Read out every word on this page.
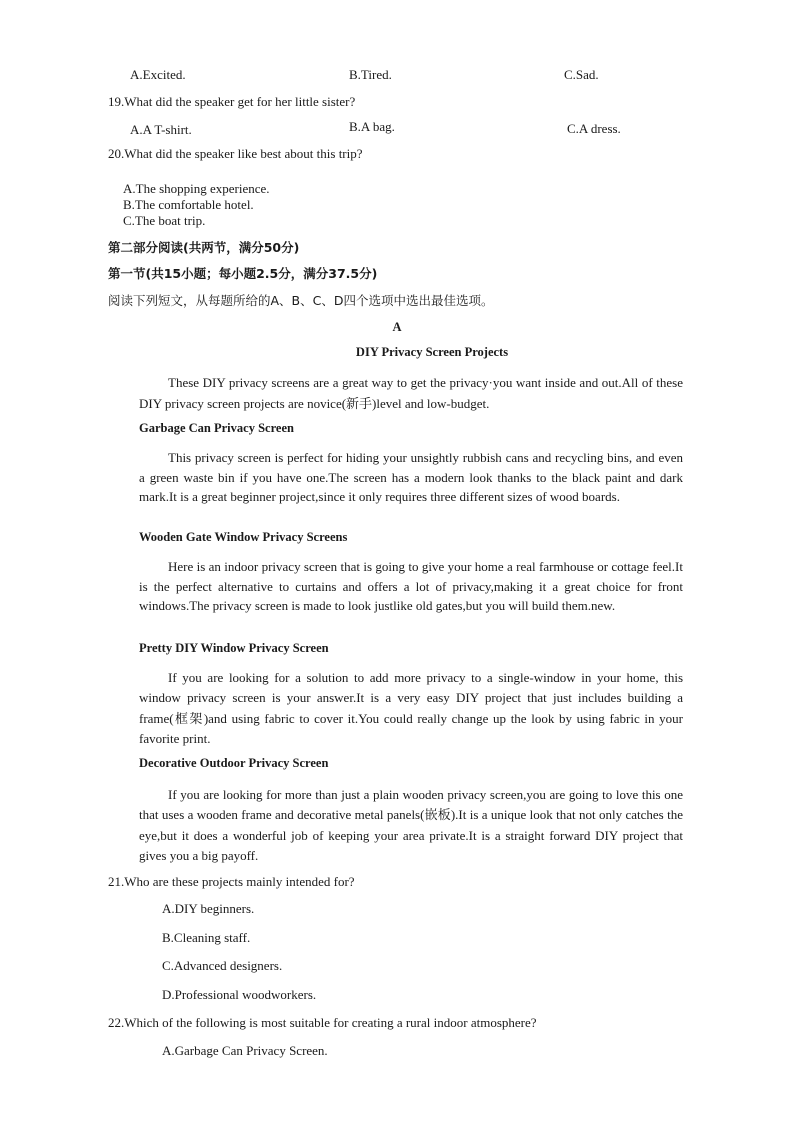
A.Excited.	B.Tired.	C.Sad.
19.What did the speaker get for her little sister?
A.A T-shirt.	B.A bag.	C.A dress.
20.What did the speaker like best about this trip?
A.The shopping experience.
B.The comfortable hotel.
C.The boat trip.
第二部分阅读(共两节，满分50分)
第一节(共15小题；每小题2.5分，满分37.5分)
阅读下列短文，从每题所给的A、B、C、D四个选项中选出最佳选项。
A
DIY Privacy Screen Projects

These DIY privacy screens are a great way to get the privacy·you want inside and out.All of these DIY privacy screen projects are novice(新手)level and low-budget.

Garbage Can Privacy Screen

This privacy screen is perfect for hiding your unsightly rubbish cans and recycling bins, and even a green waste bin if you have one.The screen has a modern look thanks to the black paint and dark mark.It is a great beginner project,since it only requires three different sizes of wood boards.

Wooden Gate Window Privacy Screens

Here is an indoor privacy screen that is going to give your home a real farmhouse or cottage feel.It is the perfect alternative to curtains and offers a lot of privacy,making it a great choice for front windows.The privacy screen is made to look justlike old gates,but you will build them.new.

Pretty DIY Window Privacy Screen

If you are looking for a solution to add more privacy to a single-window in your home, this window privacy screen is your answer.It is a very easy DIY project that just includes building a frame(框架)and using fabric to cover it.You could really change up the look by using fabric in your favorite print.

Decorative Outdoor Privacy Screen

If you are looking for more than just a plain wooden privacy screen,you are going to love this one that uses a wooden frame and decorative metal panels(嵌板).It is a unique look that not only catches the eye,but it does a wonderful job of keeping your area private.It is a straight forward DIY project that gives you a big payoff.

21.Who are these projects mainly intended for?
A.DIY beginners.
B.Cleaning staff.
C.Advanced designers.
D.Professional woodworkers.
22.Which of the following is most suitable for creating a rural indoor atmosphere?
A.Garbage Can Privacy Screen.
